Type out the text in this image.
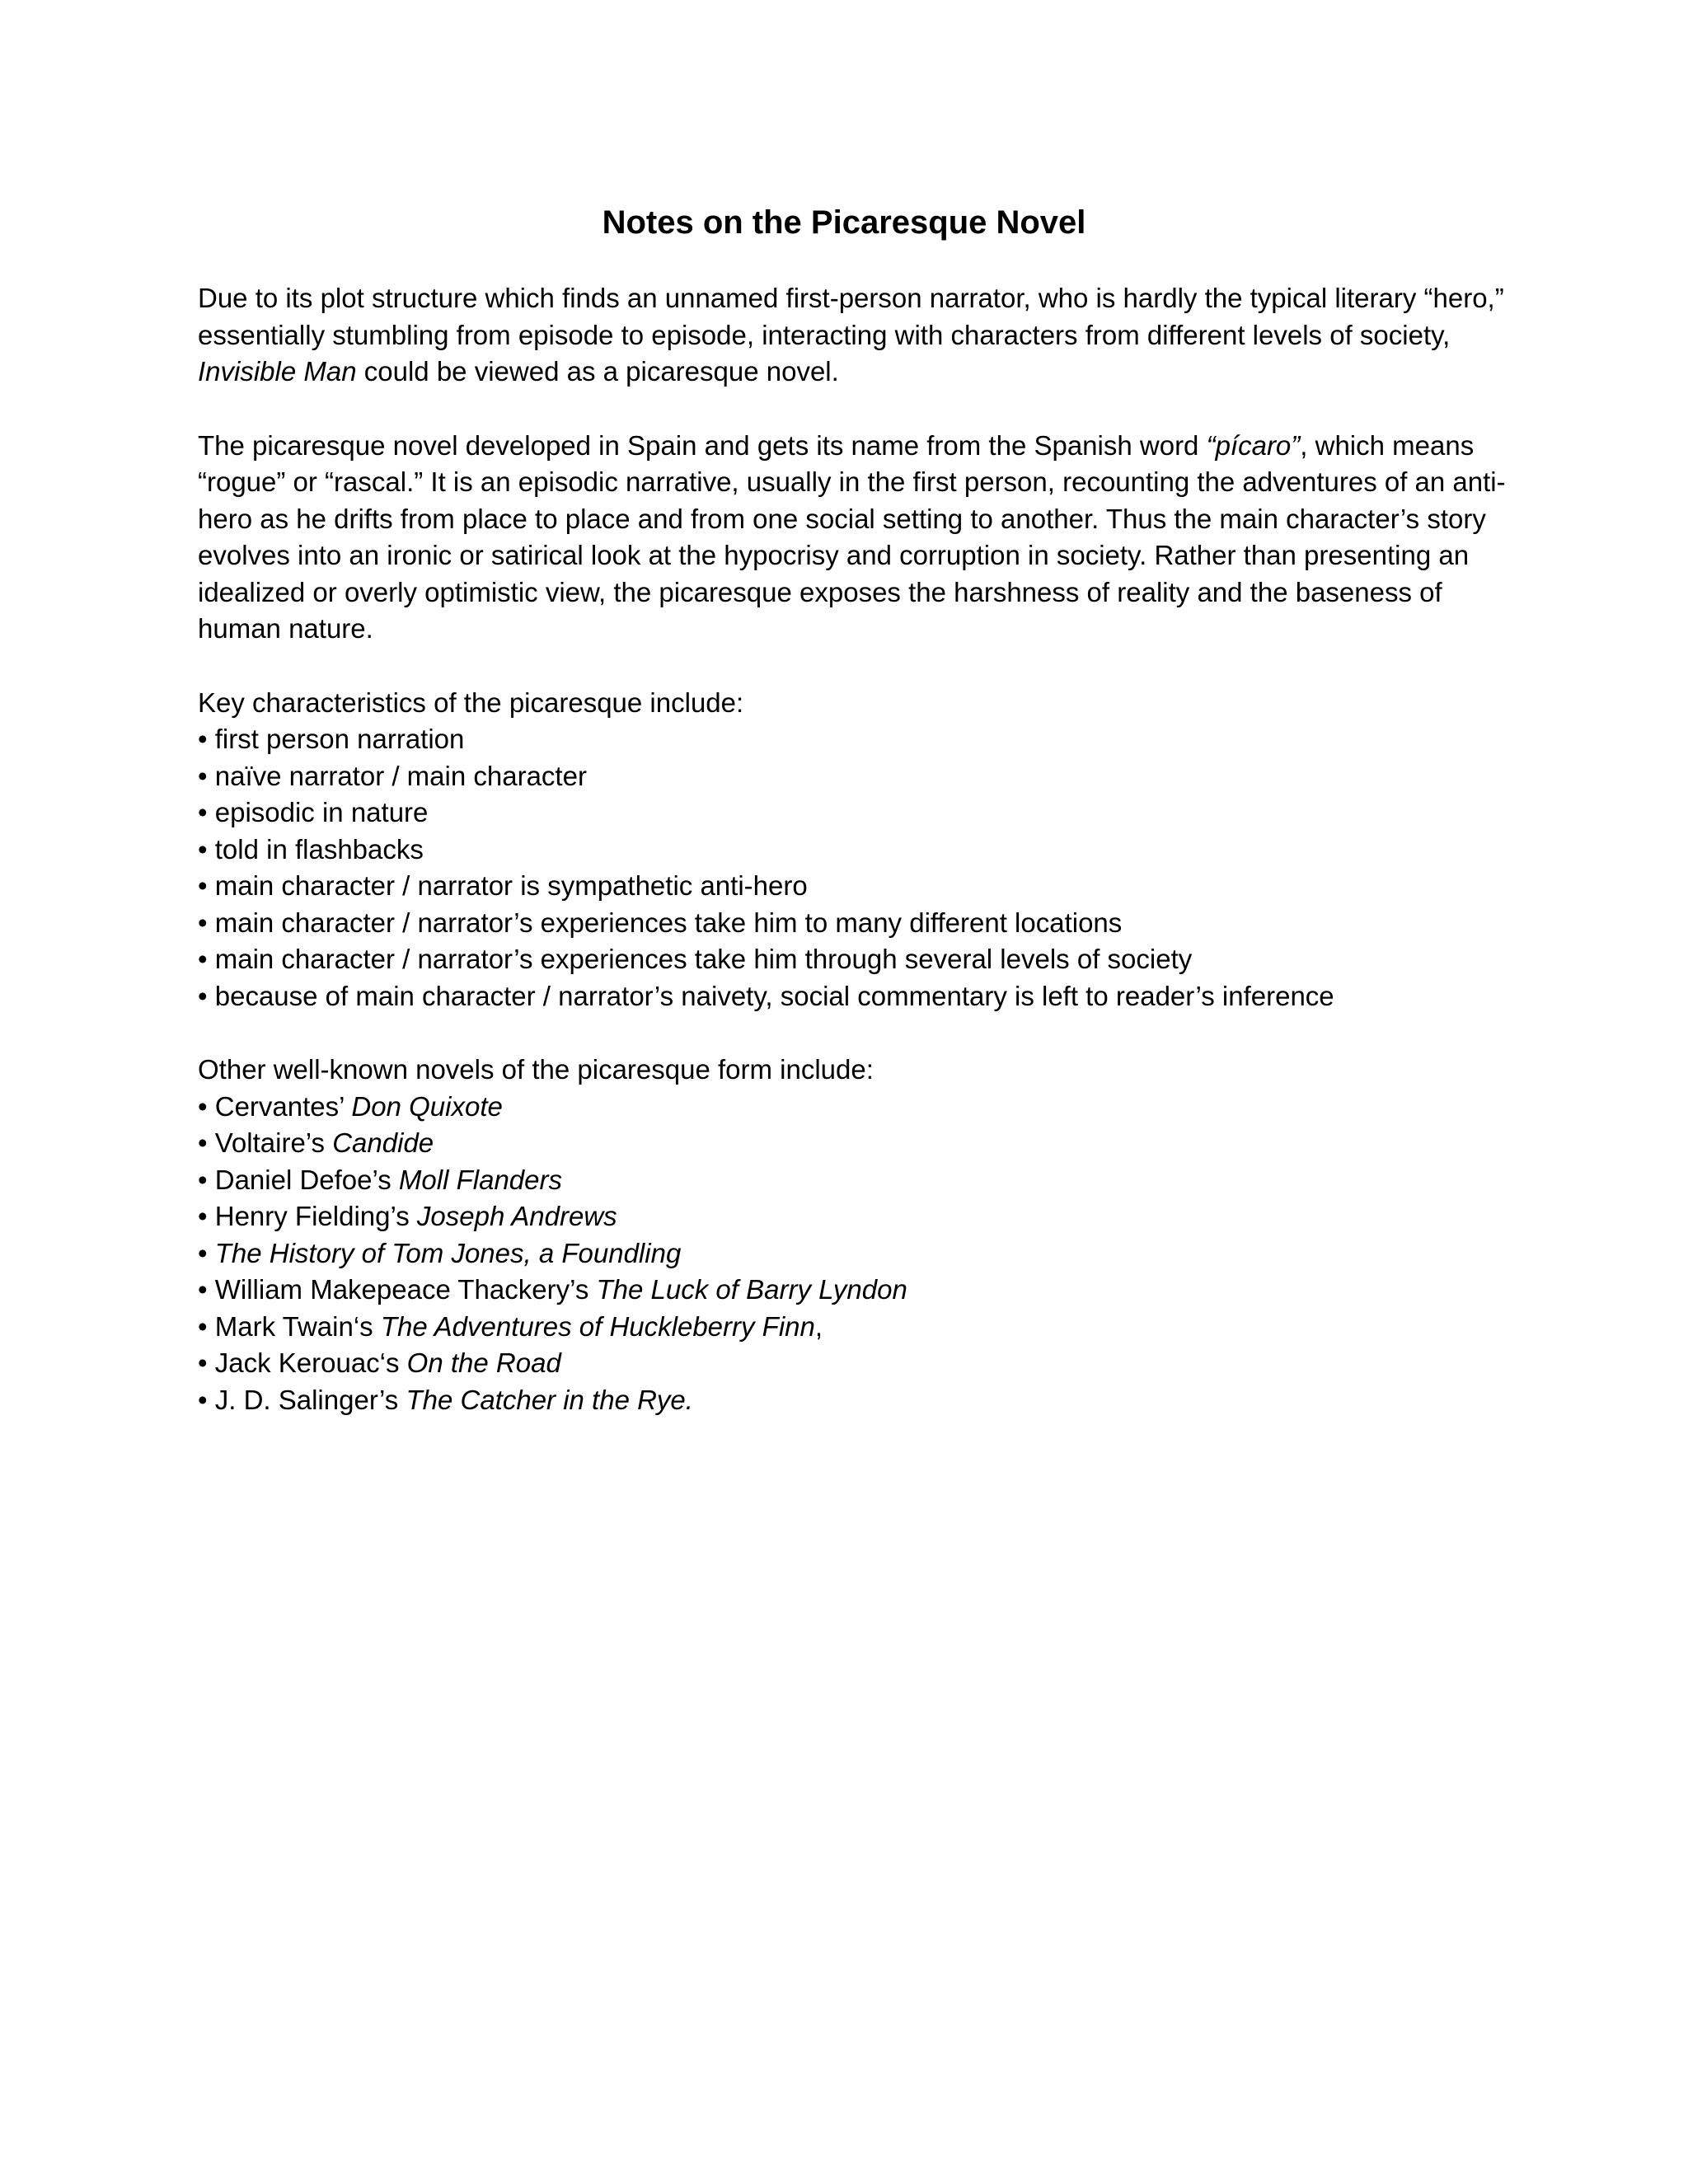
Notes on the Picaresque Novel

Due to its plot structure which finds an unnamed first-person narrator, who is hardly the typical literary “hero,” essentially stumbling from episode to episode, interacting with characters from different levels of society, Invisible Man could be viewed as a picaresque novel.

The picaresque novel developed in Spain and gets its name from the Spanish word “pícaro”, which means “rogue” or “rascal.” It is an episodic narrative, usually in the first person, recounting the adventures of an anti-hero as he drifts from place to place and from one social setting to another. Thus the main character’s story evolves into an ironic or satirical look at the hypocrisy and corruption in society. Rather than presenting an idealized or overly optimistic view, the picaresque exposes the harshness of reality and the baseness of human nature.

Key characteristics of the picaresque include:

• first person narration
• naïve narrator / main character
• episodic in nature
• told in flashbacks
• main character / narrator is sympathetic anti-hero
• main character / narrator’s experiences take him to many different locations
• main character / narrator’s experiences take him through several levels of society
• because of main character / narrator’s naivety, social commentary is left to reader’s inference

Other well-known novels of the picaresque form include:

• Cervantes’ Don Quixote
• Voltaire’s Candide
• Daniel Defoe’s Moll Flanders
• Henry Fielding’s Joseph Andrews
• The History of Tom Jones, a Foundling
• William Makepeace Thackery’s The Luck of Barry Lyndon
• Mark Twain‘s The Adventures of Huckleberry Finn,
• Jack Kerouac‘s On the Road
• J. D. Salinger’s The Catcher in the Rye.
